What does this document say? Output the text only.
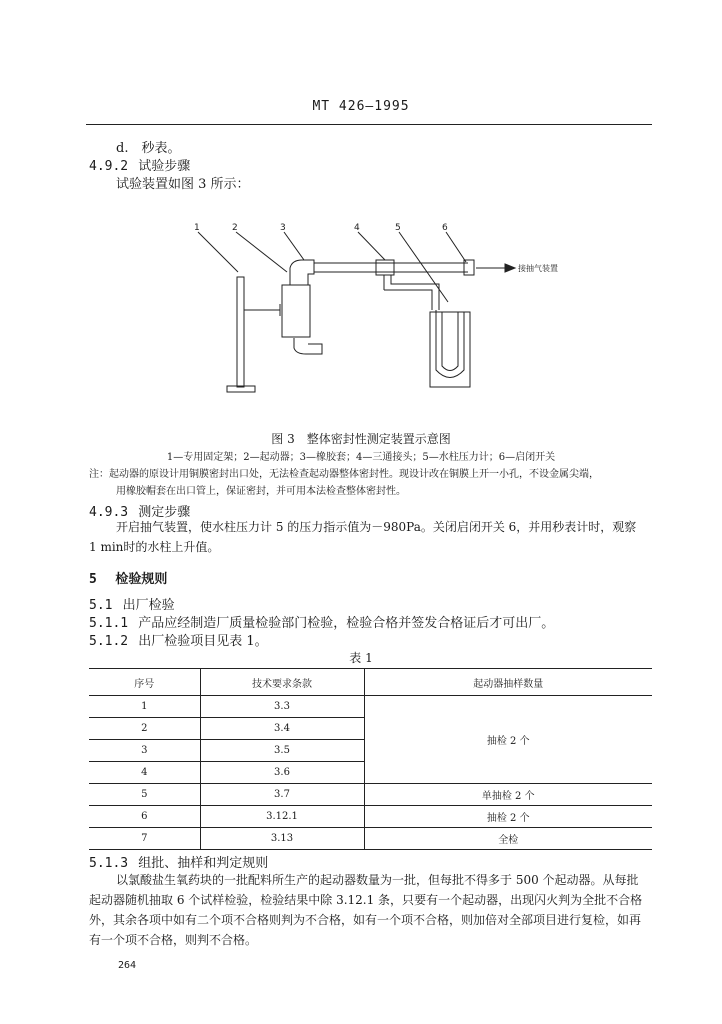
MT 426—1995
d.　秒表。
4.9.2 试验步骤
试验装置如图 3 所示：
1	2	3	4	5	6
接抽气装置
图 3　整体密封性测定装置示意图
1—专用固定架；2—起动器；3—橡胶套；4—三通接头；5—水柱压力计；6—启闭开关
注：起动器的原设计用铜膜密封出口处，无法检查起动器整体密封性。现设计改在铜膜上开一小孔，不设金属尖端，
用橡胶帽套在出口管上，保证密封，并可用本法检查整体密封性。
4.9.3 测定步骤
开启抽气装置，使水柱压力计 5 的压力指示值为－980Pa。关闭启闭开关 6，并用秒表计时，观察
1 min时的水柱上升值。
5 检验规则
5.1 出厂检验
5.1.1 产品应经制造厂质量检验部门检验，检验合格并签发合格证后才可出厂。
5.1.2 出厂检验项目见表 1。
表 1
序号	技术要求条款	起动器抽样数量
1	3.3	抽检 2 个
2	3.4	
3	3.5	
4	3.6	
5	3.7	单抽检 2 个
6	3.12.1	抽检 2 个
7	3.13	全检
5.1.3 组批、抽样和判定规则
以氯酸盐生氧药块的一批配料所生产的起动器数量为一批，但每批不得多于 500 个起动器。从每批
起动器随机抽取 6 个试样检验，检验结果中除 3.12.1 条，只要有一个起动器，出现闪火判为全批不合格
外，其余各项中如有二个项不合格则判为不合格，如有一个项不合格，则加倍对全部项目进行复检，如再
有一个项不合格，则判不合格。
264
